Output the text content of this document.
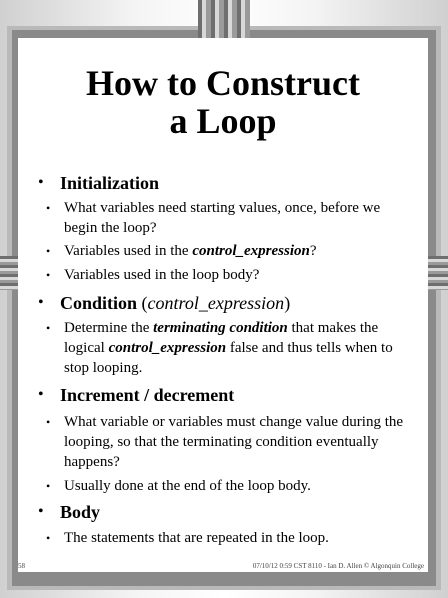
How to Construct
a Loop
• Initialization
• What variables need starting values, once, before we begin the loop?
• Variables used in the control_expression?
• Variables used in the loop body?
• Condition (control_expression)
• Determine the terminating condition that makes the logical control_expression false and thus tells when to stop looping.
• Increment / decrement
• What variable or variables must change value during the looping, so that the terminating condition eventually happens?
• Usually done at the end of the loop body.
• Body
• The statements that are repeated in the loop.
58	07/10/12 0:59 CST 8110 - Ian D. Allen © Algonquin College
